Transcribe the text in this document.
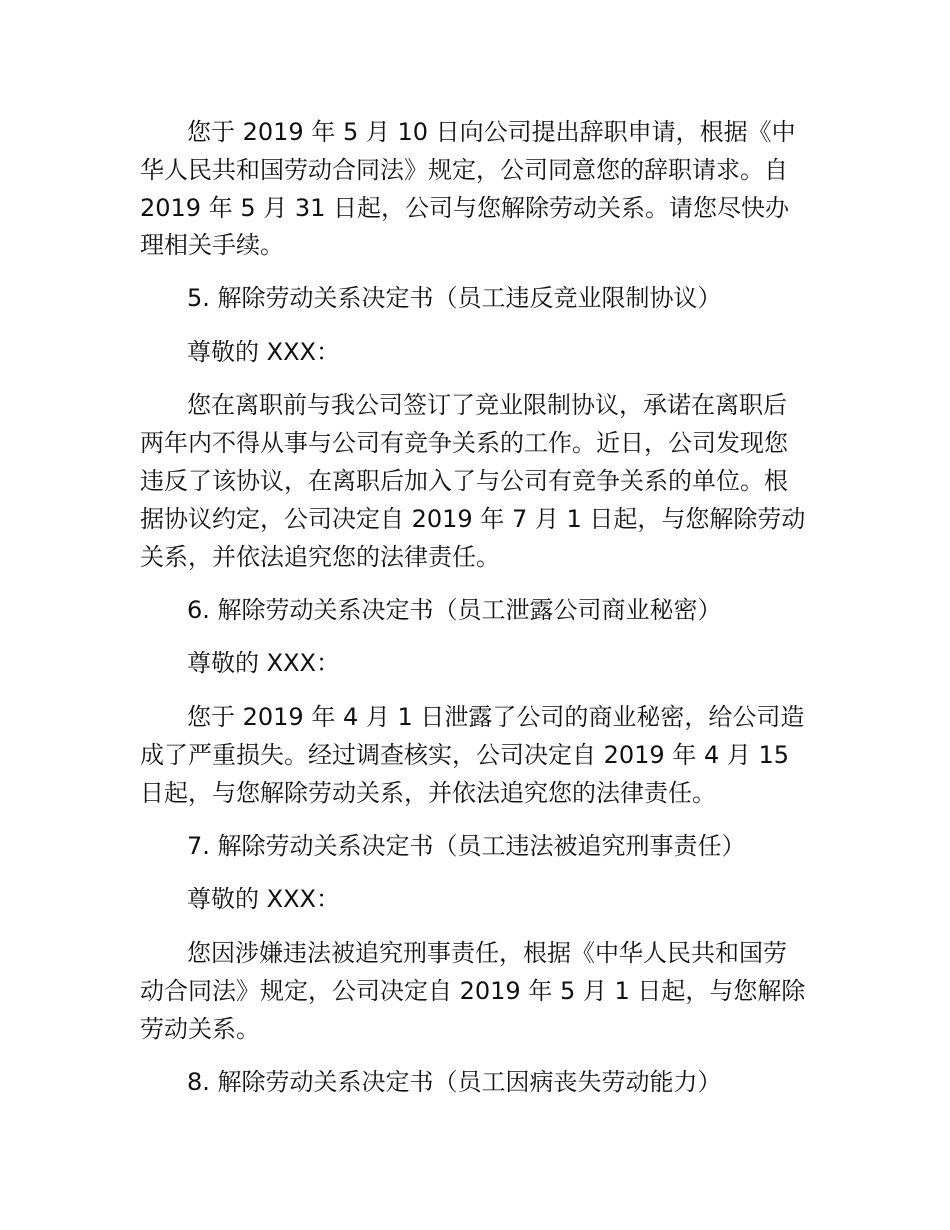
您于 2019 年 5 月 10 日向公司提出辞职申请，根据《中
华人民共和国劳动合同法》规定，公司同意您的辞职请求。自
2019 年 5 月 31 日起，公司与您解除劳动关系。请您尽快办
理相关手续。
5. 解除劳动关系决定书（员工违反竞业限制协议）
尊敬的 XXX：
您在离职前与我公司签订了竞业限制协议，承诺在离职后
两年内不得从事与公司有竞争关系的工作。近日，公司发现您
违反了该协议，在离职后加入了与公司有竞争关系的单位。根
据协议约定，公司决定自 2019 年 7 月 1 日起，与您解除劳动
关系，并依法追究您的法律责任。
6. 解除劳动关系决定书（员工泄露公司商业秘密）
尊敬的 XXX：
您于 2019 年 4 月 1 日泄露了公司的商业秘密，给公司造
成了严重损失。经过调查核实，公司决定自 2019 年 4 月 15
日起，与您解除劳动关系，并依法追究您的法律责任。
7. 解除劳动关系决定书（员工违法被追究刑事责任）
尊敬的 XXX：
您因涉嫌违法被追究刑事责任，根据《中华人民共和国劳
动合同法》规定，公司决定自 2019 年 5 月 1 日起，与您解除
劳动关系。
8. 解除劳动关系决定书（员工因病丧失劳动能力）
